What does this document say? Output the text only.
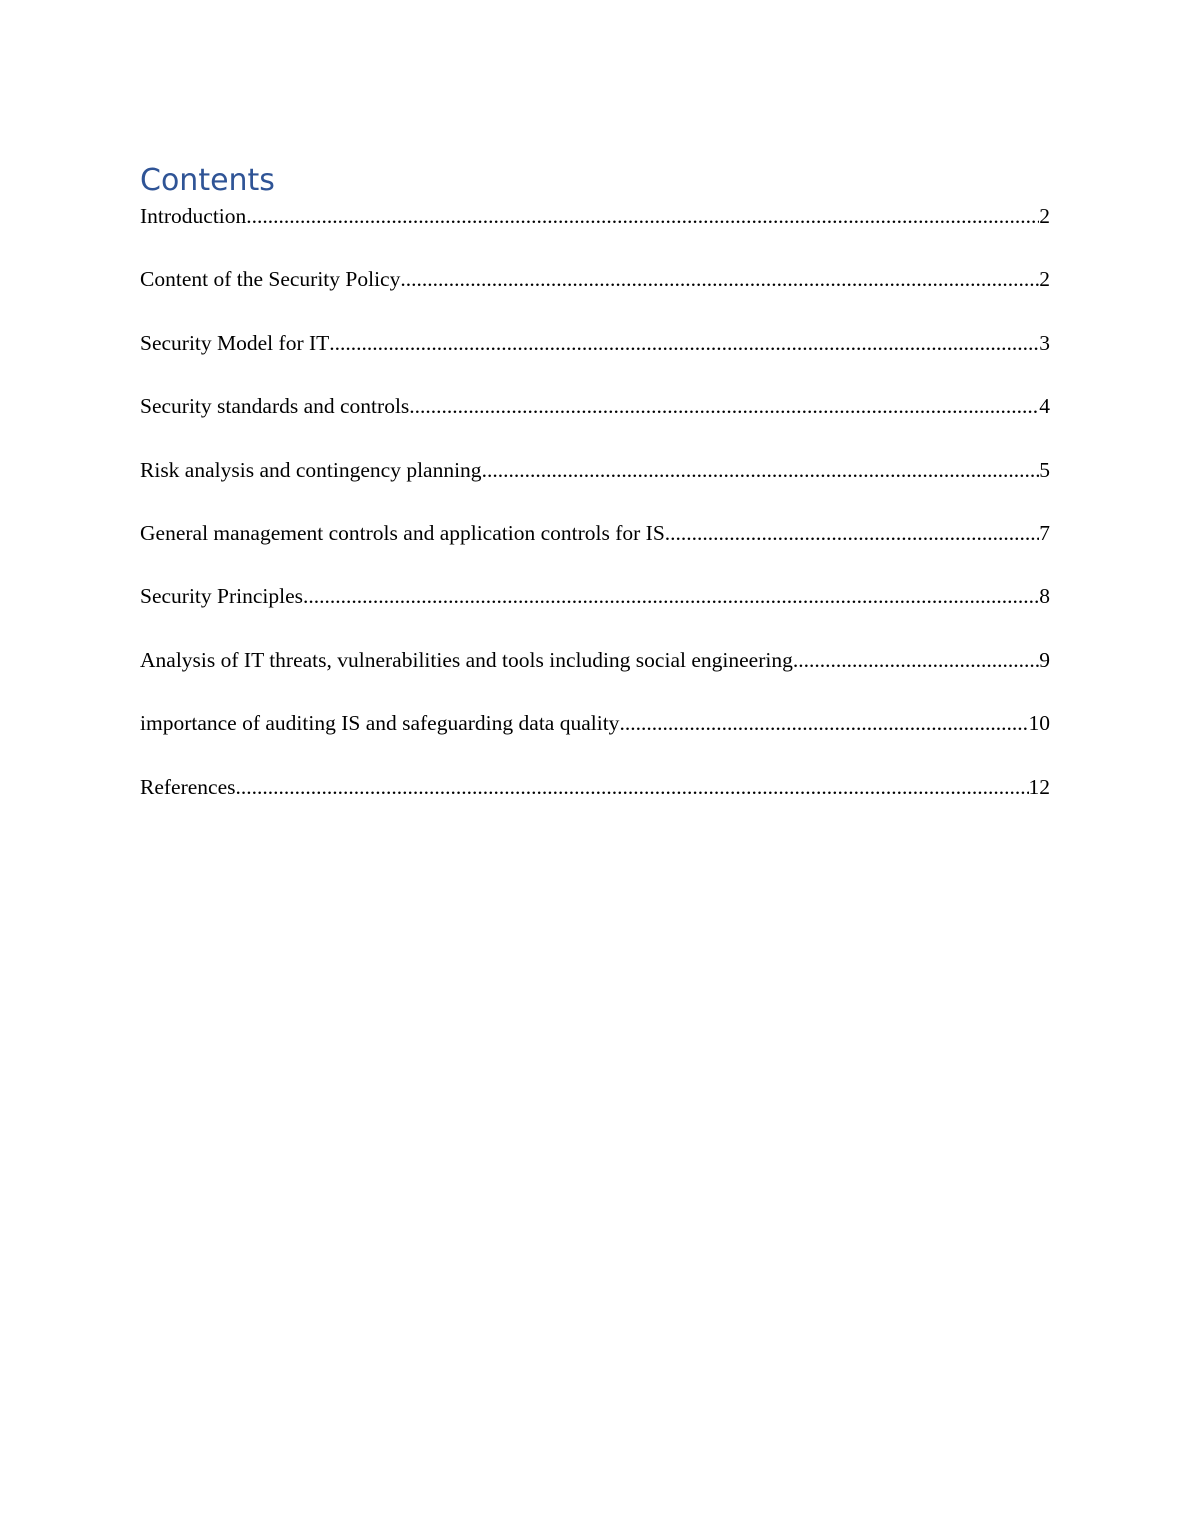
Contents
Introduction .....	2
Content of the Security Policy .....	2
Security Model for IT .....	3
Security standards and controls .....	4
Risk analysis and contingency planning .....	5
General management controls and application controls for IS .....	7
Security Principles .....	8
Analysis of IT threats, vulnerabilities and tools including social engineering .....	9
importance of auditing IS and safeguarding data quality .....	10
References .....	12
